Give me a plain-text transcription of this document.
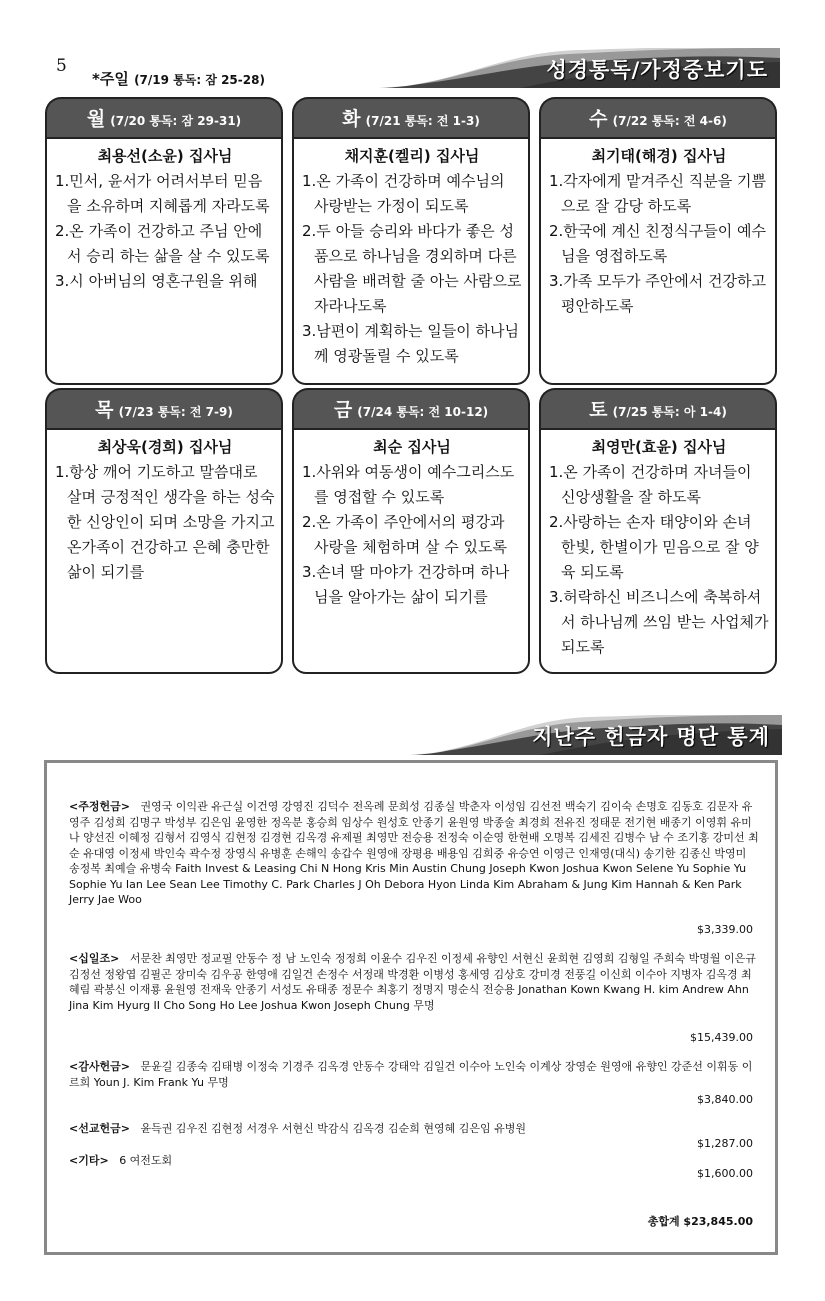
5
*주일 (7/19 통독: 잠 25-28)	성경통독/가정중보기도
월 (7/20 통독: 잠 29-31)
최용선(소윤) 집사님

1.민서, 윤서가 어려서부터 믿음을 소유하며 지혜롭게 자라도록

2.온 가족이 건강하고 주님 안에서 승리 하는 삶을 살 수 있도록

3.시 아버님의 영혼구원을 위해

화 (7/21 통독: 전 1-3)
채지훈(켈리) 집사님

1.온 가족이 건강하며 예수님의 사랑받는 가정이 되도록

2.두 아들 승리와 바다가 좋은 성품으로 하나님을 경외하며 다른 사람을 배려할 줄 아는 사람으로 자라나도록

3.남편이 계획하는 일들이 하나님께 영광돌릴 수 있도록

수 (7/22 통독: 전 4-6)
최기태(해경) 집사님

1.각자에게 맡겨주신 직분을 기쁨으로 잘 감당 하도록

2.한국에 계신 친정식구들이 예수님을 영접하도록

3.가족 모두가 주안에서 건강하고 평안하도록

목 (7/23 통독: 전 7-9)
최상욱(경희) 집사님

1.항상 깨어 기도하고 말씀대로 살며 긍정적인 생각을 하는 성숙한 신앙인이 되며 소망을 가지고 온가족이 건강하고 은혜 충만한 삶이 되기를

금 (7/24 통독: 전 10-12)
최순 집사님

1.사위와 여동생이 예수그리스도를 영접할 수 있도록

2.온 가족이 주안에서의 평강과 사랑을 체험하며 살 수 있도록

3.손녀 딸 마야가 건강하며 하나님을 알아가는 삶이 되기를

토 (7/25 통독: 아 1-4)
최영만(효윤) 집사님

1.온 가족이 건강하며 자녀들이 신앙생활을 잘 하도록

2.사랑하는 손자 태양이와 손녀 한빛, 한별이가 믿음으로 잘 양육 되도록

3.허락하신 비즈니스에 축복하셔서 하나님께 쓰임 받는 사업체가 되도록

지난주 헌금자 명단 통계
<주정헌금> 권영국 이익관 유근실 이건영 강영진 김덕수 전옥례 문희성 김종실 박춘자 이성임 김선전 백숙기 김이숙 손명호 김동호 김문자 유영주 김성희 김명구 박성부 김은임 윤영한 정옥분 홍승희 임상수 원성호 안종기 윤원영 박종술 최경희 전유진 정태문 전기현 배종기 이영휘 유미나 양선진 이혜정 김형서 김영식 김현정 김경현 김옥경 유제필 최영만 전승용 전정숙 이순영 한현배 오명복 김세진 김병수 남 수 조기홍 강미선 최 순 유대영 이정세 박인숙 곽수정 장영식 유병훈 손해익 송갑수 원영애 장평용 배용임 김희중 유승연 이영근 인재영(대식) 송기한 김종신 박영미 송정복 최예슬 유병숙 Faith Invest & Leasing Chi N Hong Kris Min Austin Chung Joseph Kwon Joshua Kwon Selene Yu Sophie Yu Sophie Yu Ian Lee Sean Lee Timothy C. Park Charles J Oh Debora Hyon Linda Kim Abraham & Jung Kim Hannah & Ken Park Jerry Jae Woo
$3,339.00
<십일조> 서문찬 최영만 정교필 안동수 정 남 노인숙 정정희 이윤수 김우진 이정세 유향인 서현신 윤희현 김영희 김형일 주희숙 박명월 이은규 김정선 정왕엽 김필곤 장미숙 김우공 한영애 김일건 손정수 서정래 박경환 이병성 홍세영 김상호 강미경 전풍길 이신희 이수아 지병자 김옥경 최혜림 곽봉신 이재룡 윤원영 전재욱 안종기 서성도 유태종 정문수 최홍기 정명지 명순식 전승용 Jonathan Kown Kwang H. kim Andrew Ahn Jina Kim Hyurg II Cho Song Ho Lee Joshua Kwon Joseph Chung 무명
$15,439.00
<감사헌금> 문윤길 김종숙 김태병 이정숙 기경주 김옥경 안동수 강태악 김일건 이수아 노인숙 이계상 장영순 원영애 유향인 강준선 이휘동 이르희 Youn J. Kim Frank Yu 무명
$3,840.00
<선교헌금> 윤득권 김우진 김현정 서경우 서현신 박감식 김옥경 김순희 현영혜 김은임 유병원
$1,287.00
<기타> 6 여전도회
$1,600.00
총합계 $23,845.00
